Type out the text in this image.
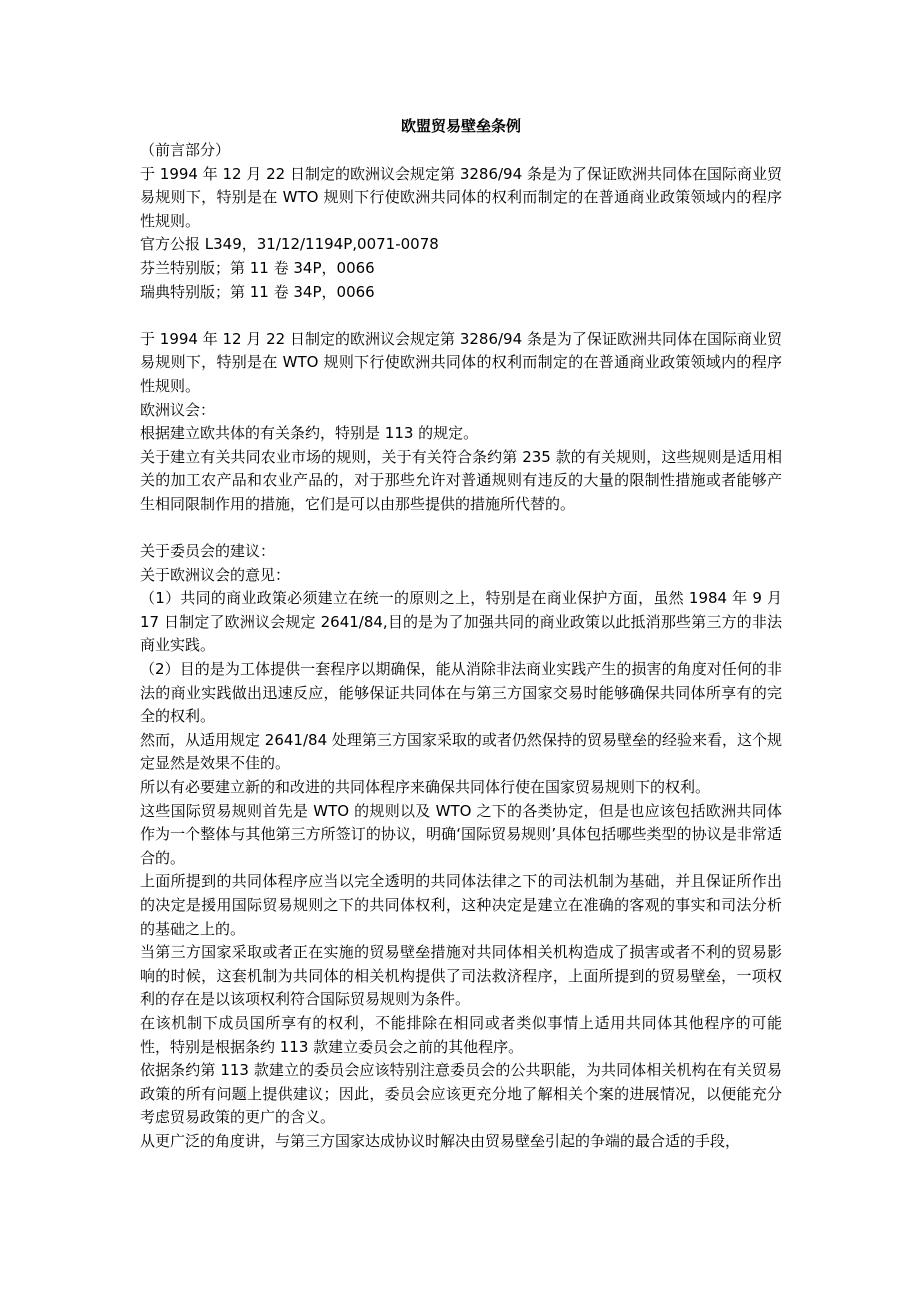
欧盟贸易壁垒条例
（前言部分）
于 1994 年 12 月 22 日制定的欧洲议会规定第 3286/94 条是为了保证欧洲共同体在国际商业贸易规则下，特别是在 WTO 规则下行使欧洲共同体的权利而制定的在普通商业政策领域内的程序性规则。
官方公报 L349，31/12/1194P,0071-0078
芬兰特别版；第 11 卷 34P，0066
瑞典特别版；第 11 卷 34P，0066
于 1994 年 12 月 22 日制定的欧洲议会规定第 3286/94 条是为了保证欧洲共同体在国际商业贸易规则下，特别是在 WTO 规则下行使欧洲共同体的权利而制定的在普通商业政策领域内的程序性规则。
欧洲议会：
根据建立欧共体的有关条约，特别是 113 的规定。
关于建立有关共同农业市场的规则，关于有关符合条约第 235 款的有关规则，这些规则是适用相关的加工农产品和农业产品的，对于那些允许对普通规则有违反的大量的限制性措施或者能够产生相同限制作用的措施，它们是可以由那些提供的措施所代替的。
关于委员会的建议：
关于欧洲议会的意见：
（1）共同的商业政策必须建立在统一的原则之上，特别是在商业保护方面，虽然 1984 年 9 月 17 日制定了欧洲议会规定 2641/84,目的是为了加强共同的商业政策以此抵消那些第三方的非法商业实践。
（2）目的是为工体提供一套程序以期确保，能从消除非法商业实践产生的损害的角度对任何的非法的商业实践做出迅速反应，能够保证共同体在与第三方国家交易时能够确保共同体所享有的完全的权利。
然而，从适用规定 2641/84 处理第三方国家采取的或者仍然保持的贸易壁垒的经验来看，这个规定显然是效果不佳的。
所以有必要建立新的和改进的共同体程序来确保共同体行使在国家贸易规则下的权利。
这些国际贸易规则首先是 WTO 的规则以及 WTO 之下的各类协定，但是也应该包括欧洲共同体作为一个整体与其他第三方所签订的协议，明确‘国际贸易规则’具体包括哪些类型的协议是非常适合的。
上面所提到的共同体程序应当以完全透明的共同体法律之下的司法机制为基础，并且保证所作出的决定是援用国际贸易规则之下的共同体权利，这种决定是建立在准确的客观的事实和司法分析的基础之上的。
当第三方国家采取或者正在实施的贸易壁垒措施对共同体相关机构造成了损害或者不利的贸易影响的时候，这套机制为共同体的相关机构提供了司法救济程序，上面所提到的贸易壁垒，一项权利的存在是以该项权利符合国际贸易规则为条件。
在该机制下成员国所享有的权利，不能排除在相同或者类似事情上适用共同体其他程序的可能性，特别是根据条约 113 款建立委员会之前的其他程序。
依据条约第 113 款建立的委员会应该特别注意委员会的公共职能，为共同体相关机构在有关贸易政策的所有问题上提供建议；因此，委员会应该更充分地了解相关个案的进展情况，以便能充分考虑贸易政策的更广的含义。
从更广泛的角度讲，与第三方国家达成协议时解决由贸易壁垒引起的争端的最合适的手段，
